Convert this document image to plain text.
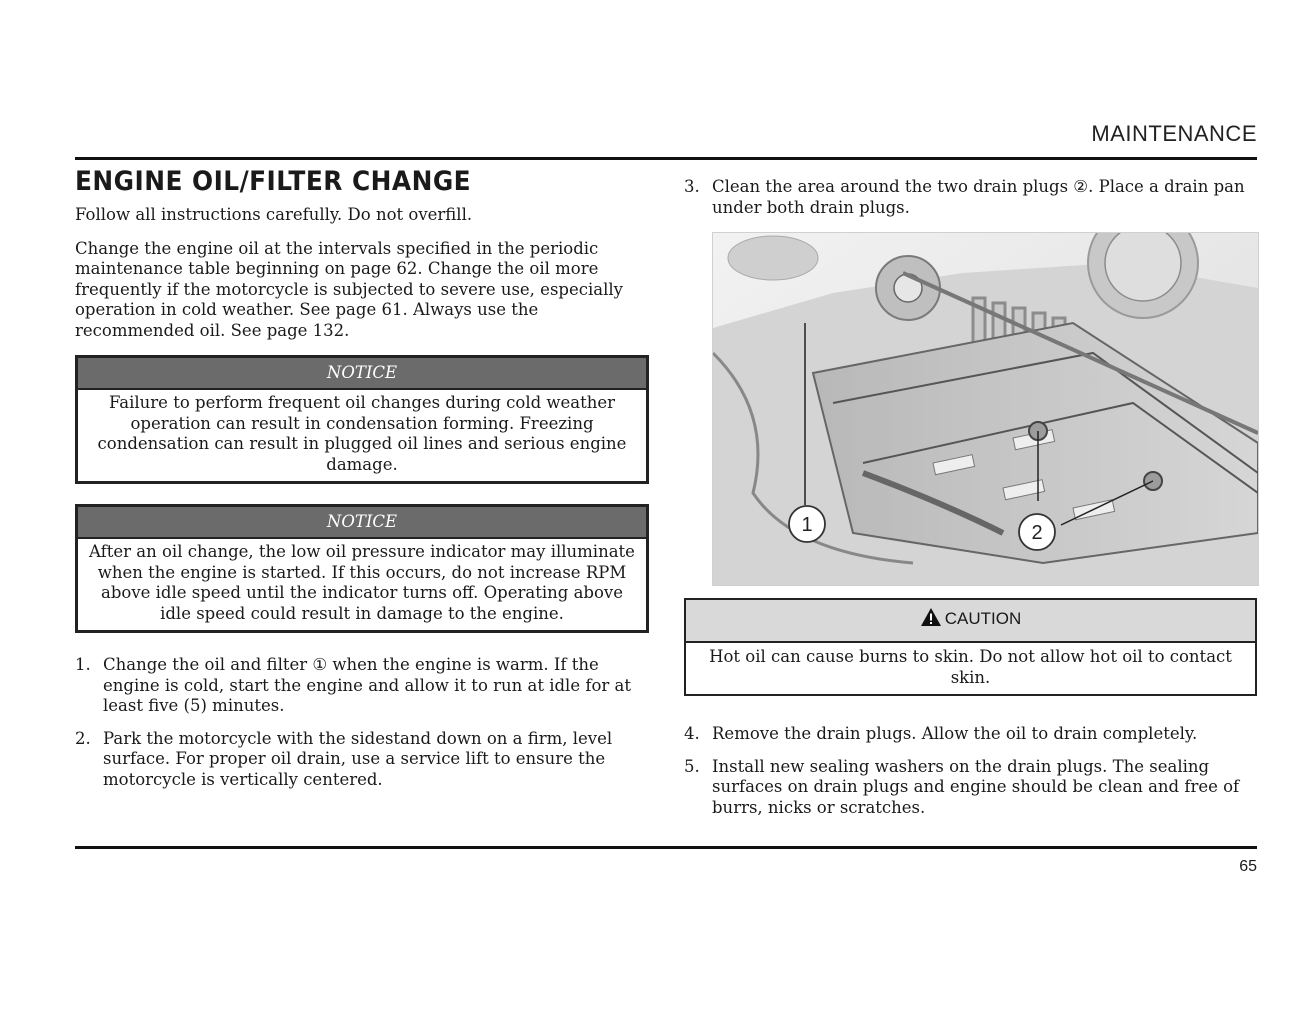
MAINTENANCE
ENGINE OIL/FILTER CHANGE

Follow all instructions carefully. Do not overfill.

Change the engine oil at the intervals specified in the periodic maintenance table beginning on page 62. Change the oil more frequently if the motorcycle is subjected to severe use, especially operation in cold weather. See page 61. Always use the recommended oil. See page 132.

NOTICE
Failure to perform frequent oil changes during cold weather operation can result in condensation forming. Freezing condensation can result in plugged oil lines and serious engine damage.
NOTICE
After an oil change, the low oil pressure indicator may illuminate when the engine is started. If this occurs, do not increase RPM above idle speed until the indicator turns off. Operating above idle speed could result in damage to the engine.
1. Change the oil and filter ① when the engine is warm. If the engine is cold, start the engine and allow it to run at idle for at least five (5) minutes.
2. Park the motorcycle with the sidestand down on a firm, level surface. For proper oil drain, use a service lift to ensure the motorcycle is vertically centered.
3. Clean the area around the two drain plugs ②. Place a drain pan under both drain plugs.
1	2
CAUTION
Hot oil can cause burns to skin. Do not allow hot oil to contact skin.
4. Remove the drain plugs. Allow the oil to drain completely.
5. Install new sealing washers on the drain plugs. The sealing surfaces on drain plugs and engine should be clean and free of burrs, nicks or scratches.
65
